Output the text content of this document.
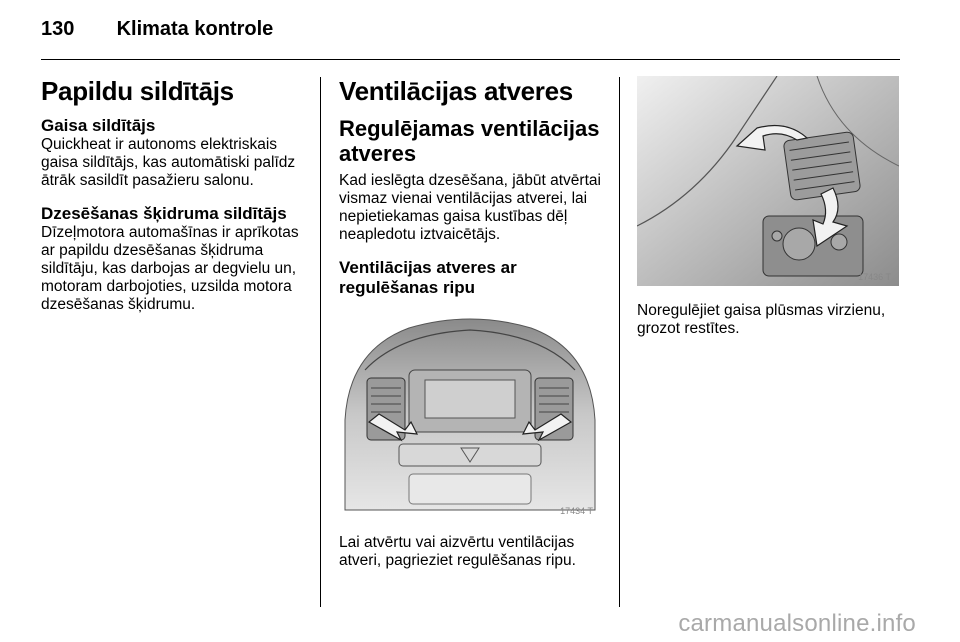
130 Klimata kontrole
Papildu sildītājs
Gaisa sildītājs

Quickheat ir autonoms elektriskais gaisa sildītājs, kas automātiski palīdz ātrāk sasildīt pasažieru salonu.

Dzesēšanas šķidruma sildītājs

Dīzeļmotora automašīnas ir aprīkotas ar papildu dzesēšanas šķidruma sildītāju, kas darbojas ar degvielu un, motoram darbojoties, uzsilda motora dzesēšanas šķidrumu.

Ventilācijas atveres
Regulējamas ventilācijas atveres

Kad ieslēgta dzesēšana, jābūt atvērtai vismaz vienai ventilācijas atverei, lai nepietiekamas gaisa kustības dēļ neapledotu iztvaicētājs.

Ventilācijas atveres ar regulēšanas ripu
17434 T

Lai atvērtu vai aizvērtu ventilācijas atveri, pagrieziet regulēšanas ripu.

17436 T

Noregulējiet gaisa plūsmas virzienu, grozot restītes.

carmanualsonline.info
